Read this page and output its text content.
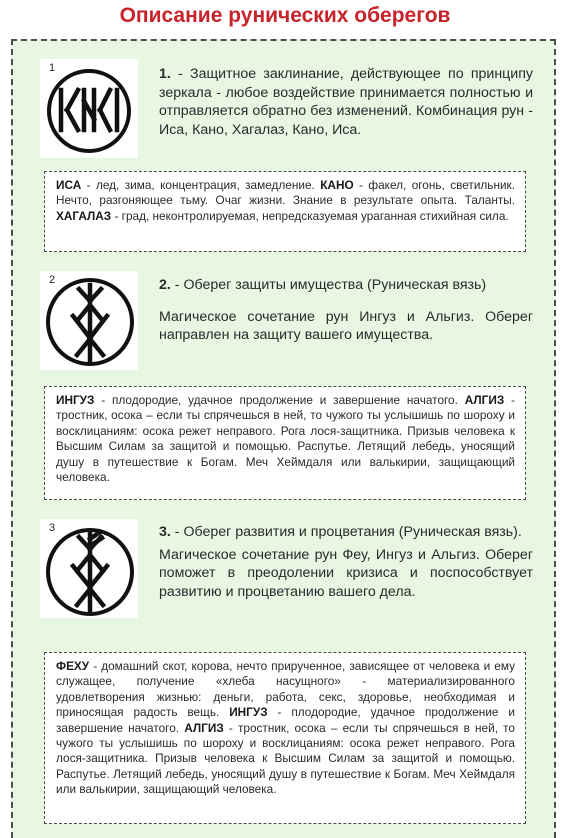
Описание рунических оберегов
1	1. - Защитное заклинание, действующее по принципу зеркала - любое воздействие принимается полностью и отправляется обратно без изменений. Комбинация рун - Иса, Кано, Хагалаз, Кано, Иса.

ИСА - лед, зима, концентрация, замедление. КАНО - факел, огонь, светильник. Нечто, разгоняющее тьму. Очаг жизни. Знание в результате опыта. Таланты. ХАГАЛАЗ - град, неконтролируемая, непредсказуемая ураганная стихийная сила.
2	2. - Оберег защиты имущества (Руническая вязь)

Магическое сочетание рун Ингуз и Альгиз. Оберег направлен на защиту вашего имущества.

ИНГУЗ - плодородие, удачное продолжение и завершение начатого. АЛГИЗ - тростник, осока – если ты спрячешься в ней, то чужого ты услышишь по шороху и восклицаниям: осока режет неправого. Рога лося-защитника. Призыв человека к Высшим Силам за защитой и помощью. Распутье. Летящий лебедь, уносящий душу в путешествие к Богам. Меч Хеймдаля или валькирии, защищающий человека.
3	3. - Оберег развития и процветания (Руническая вязь).

Магическое сочетание рун Феу, Ингуз и Альгиз. Оберег поможет в преодолении кризиса и поспособствует развитию и процветанию вашего дела.

ФЕХУ - домашний скот, корова, нечто прирученное, зависящее от человека и ему служащее, получение «хлеба насущного» - материализированного удовлетворения жизнью: деньги, работа, секс, здоровье, необходимая и приносящая радость вещь. ИНГУЗ - плодородие, удачное продолжение и завершение начатого. АЛГИЗ - тростник, осока – если ты спрячешься в ней, то чужого ты услышишь по шороху и восклицаниям: осока режет неправого. Рога лося-защитника. Призыв человека к Высшим Силам за защитой и помощью. Распутье. Летящий лебедь, уносящий душу в путешествие к Богам. Меч Хеймдаля или валькирии, защищающий человека.
